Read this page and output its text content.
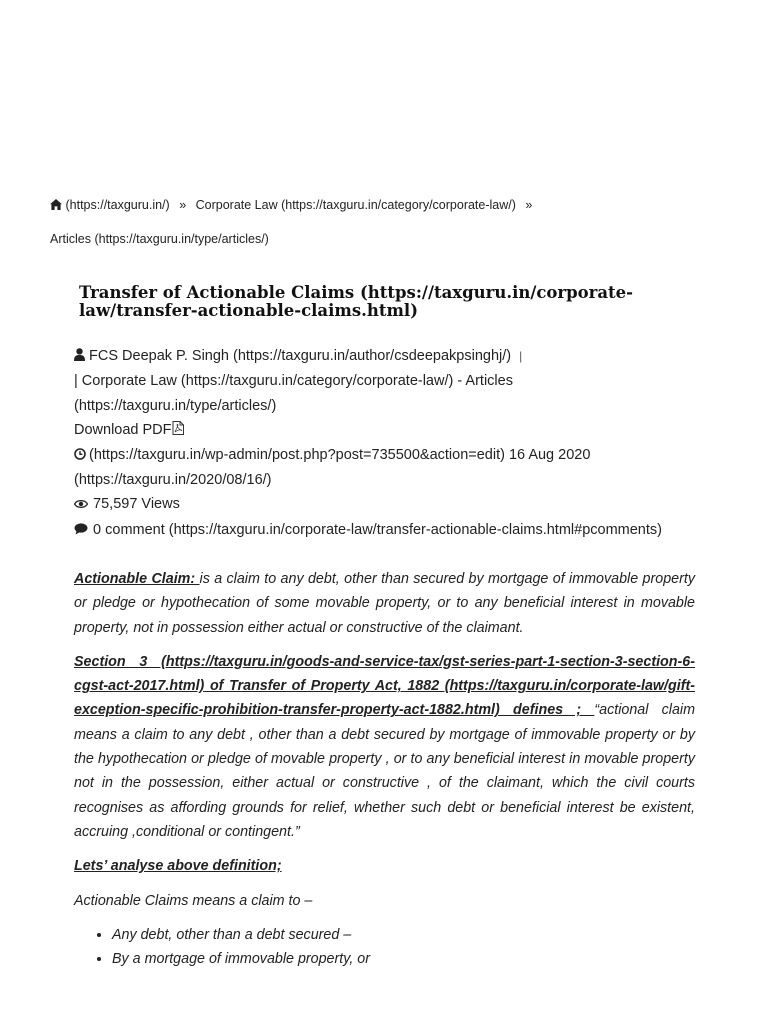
(https://taxguru.in/) » Corporate Law (https://taxguru.in/category/corporate-law/) »
Articles (https://taxguru.in/type/articles/)
Transfer of Actionable Claims (https://taxguru.in/corporate-law/transfer-actionable-claims.html)
FCS Deepak P. Singh (https://taxguru.in/author/csdeepakpsinghj/) |
| Corporate Law (https://taxguru.in/category/corporate-law/) - Articles (https://taxguru.in/type/articles/)
Download PDF
(https://taxguru.in/wp-admin/post.php?post=735500&action=edit) 16 Aug 2020
(https://taxguru.in/2020/08/16/)
75,597 Views
0 comment (https://taxguru.in/corporate-law/transfer-actionable-claims.html#pcomments)

Actionable Claim: is a claim to any debt, other than secured by mortgage of immovable property or pledge or hypothecation of some movable property, or to any beneficial interest in movable property, not in possession either actual or constructive of the claimant.

Section 3 (https://taxguru.in/goods-and-service-tax/gst-series-part-1-section-3-section-6-cgst-act-2017.html) of Transfer of Property Act, 1882 (https://taxguru.in/corporate-law/gift-exception-specific-prohibition-transfer-property-act-1882.html) defines ; “actional claim means a claim to any debt , other than a debt secured by mortgage of immovable property or by the hypothecation or pledge of movable property , or to any beneficial interest in movable property not in the possession, either actual or constructive , of the claimant, which the civil courts recognises as affording grounds for relief, whether such debt or beneficial interest be existent, accruing ,conditional or contingent.”

Lets’ analyse above definition;

Actionable Claims means a claim to –

• Any debt, other than a debt secured –
• By a mortgage of immovable property, or
